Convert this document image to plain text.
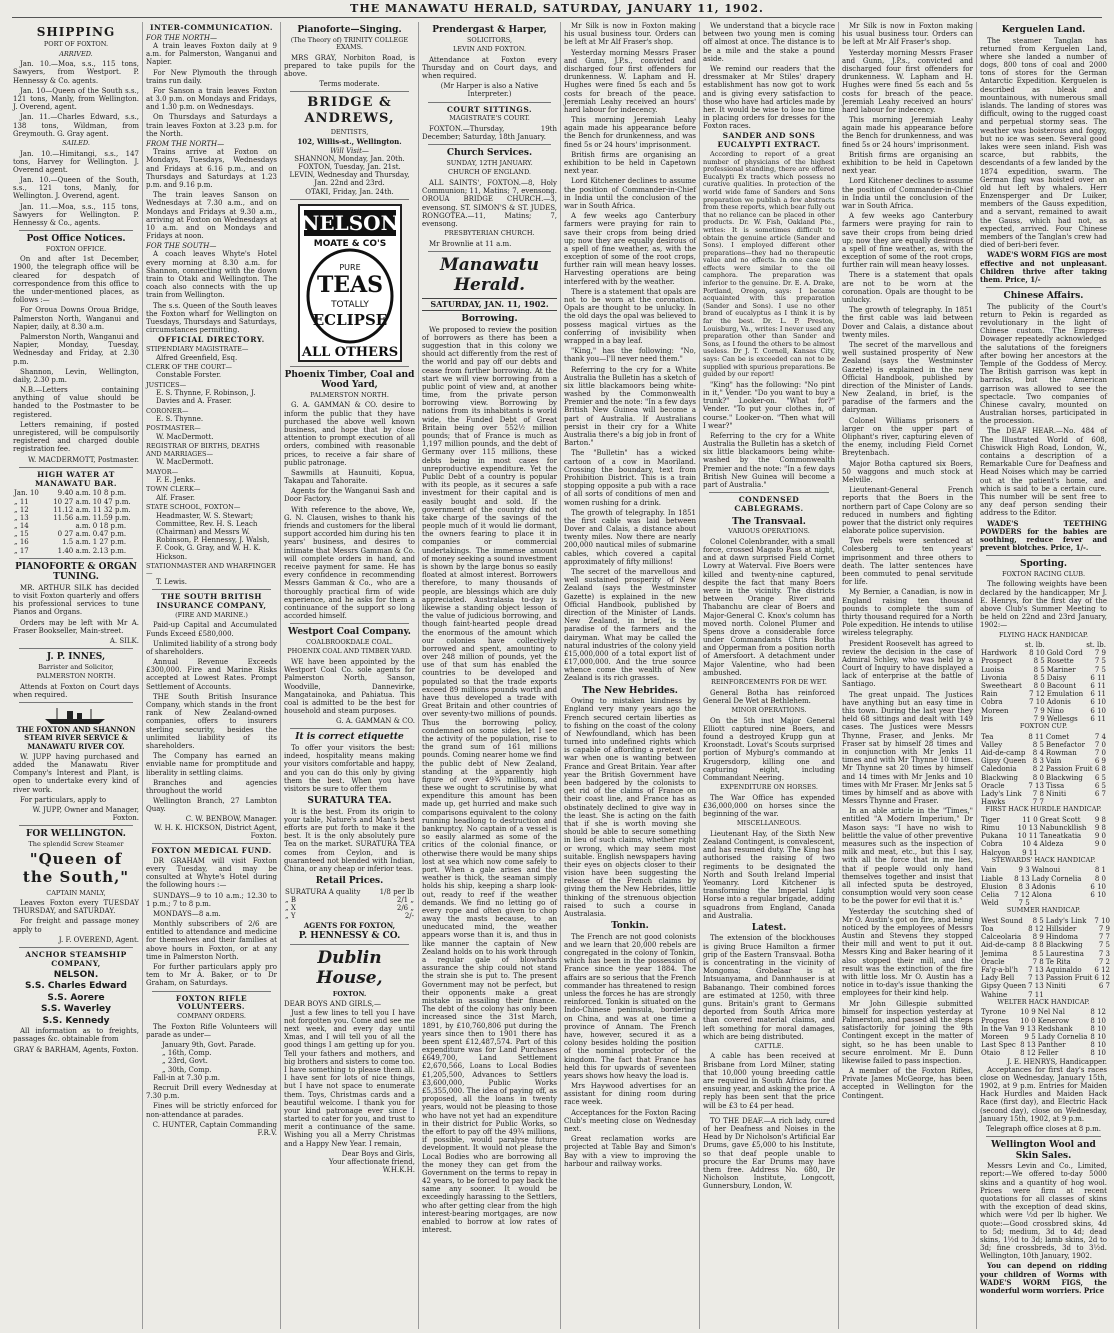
THE MANAWATU HERALD, SATURDAY, JANUARY 11, 1902.
SHIPPING
PORT OF FOXTON.
ARRIVED.

Jan. 10.—Moa, s.s., 115 tons, Sawyers, from Westport. P. Hennessy & Co. agents.

Jan. 10—Queen of the South s.s., 121 tons, Manly, from Wellington. J. Overend, agent.

Jan. 11.—Charles Edward, s.s., 138 tons, Wildman, from Greymouth. G. Gray agent.

SAILED.

Jan. 10.—Himitangi, s.s., 147 tons, Harvey for Wellington. J. Overend agent.

Jan. 10.—Queen of the South, s.s., 121 tons, Manly, for Wellington. J. Overend, agent.

Jan. 11.—Moa, s.s., 115 tons, Sawyers for Wellington. P. Hennessy & Co., agents.

Post Office Notices.
FOXTON OFFICE.

On and after 1st December, 1900, the telegraph office will be cleared for despatch of correspondence from this office to the under-mentioned places, as follows :—

For Oroua Downs Oroua Bridge, Palmerston North, Wanganui and Napier, daily, at 8.30 a.m.

Palmerston North, Wanganui and Napier, Monday, Tuesday, Wednesday and Friday, at 2.30 p.m.

Shannon, Levin, Wellington, daily, 2.30 p.m.

N.B.—Letters containing anything of value should be handed to the Postmaster to be registered.

Letters remaining, if posted unregistered, will be compulsorily registered and charged double registration fee.

W. MACDERMOTT, Postmaster.
HIGH WATER AT MANAWATU BAR.
Jan. 10	9.40 a.m.	10 8 p.m.
„ 11	10 27 a.m.	10 47 p.m.
„ 12	11.12 a.m.	11 32 p.m.
„ 13	11.56 a.m.	11.59 p.m.
„ 14	a.m.	0 18 p.m.
„ 15	0 27 a.m.	0.47 p.m.
„ 16	1.5 a.m.	1 27 p.m.
„ 17	1.40 a.m.	2.13 p.m.
PIANOFORTE & ORGAN TUNING.

MR. ARTHUR SILK has decided to visit Foxton quarterly and offers his professional services to tune Pianos and Organs.

Orders may be left with Mr A. Fraser Bookseller, Main-street.

A. SILK.
J. P. INNES,
Barrister and Solicitor,
PALMERSTON NORTH.

Attends at Foxton on Court days when required.

THE FOXTON AND SHANNON STEAM RIVER SERVICE & MANAWATU RIVER COY.

W. JUPP having purchased and added the Manawatu River Company's Interest and Plant, is open to undertake every kind of river work.

For particulars, apply to

W. JUPP, Owner and Manager, Foxton.
FOR WELLINGTON.
The splendid Screw Steamer
"Queen of the South,"
CAPTAIN MANLY,

Leaves Foxton every TUESDAY THURSDAY, and SATURDAY.

For freight and passage money apply to

J. F. OVEREND, Agent.
ANCHOR STEAMSHIP COMPANY,
NELSON.
S.S. Charles Edward
S.S. Aorere
S.S. Waverley
S.S. Kennedy

All information as to freights, passages &c. obtainable from

GRAY & BARHAM, Agents, Foxton.
INTER-COMMUNICATION.
FOR THE NORTH—

A train leaves Foxton daily at 9 a.m. for Palmerston, Wanganui and Napier.

For New Plymouth the through trains run daily.

For Sanson a train leaves Foxton at 3.0 p.m. on Mondays and Fridays, and 1.30 p.m. on Wednesdays.

On Thursdays and Saturdays a train leaves Foxton at 3.23 p.m. for the North.

FROM THE NORTH—

Trains arrive at Foxton on Mondays, Tuesdays, Wednesdays and Fridays at 6.16 p.m., and on Thursdays and Saturdays at 1.23 p.m. and 9.16 p.m.

The train leaves Sanson on Wednesdays at 7.30 a.m., and on Mondays and Fridays at 9.30 a.m., arriving at Foxton on Wednesdays at 10 a.m. and on Mondays and Fridays at noon.

FOR THE SOUTH—

A coach leaves Whyte's Hotel every morning at 8.30 a.m. for Shannon, connecting with the down train to Otaki and Wellington. The coach also connects with the up train from Wellington.

The s.s. Queen of the South leaves the Foxton wharf for Wellington on Tuesdays, Thursdays and Saturdays, circumstances permitting.

OFFICIAL DIRECTORY.
STIPENDIARY MAGISTRATE—
Alfred Greenfield, Esq.
CLERK OF THE COURT—
Constable Forster.
JUSTICES—
E. S. Thynne, F. Robinson, J. Davies and A. Fraser.
CORONER—
E. S. Thynne.
POSTMASTER—
W. MacDermott.
REGISTRAR OF BIRTHS, DEATHS AND MARRIAGES—
W. MacDermott.
MAYOR—
F. E. Jenks.
TOWN CLERK—
Alf. Fraser.
STATE SCHOOL, FOXTON—
Headmaster, W. S. Stewart; Committee, Rev. H. S. Leach (Chairman) and Messrs W. Robinson, P. Hennessy, J. Walsh, F. Cook, G. Gray, and W. H. K. Hickson.
STATIONMASTER AND WHARFINGER—
T. Lewis.
THE SOUTH BRITISH INSURANCE COMPANY,
(FIRE AND MARINE.)

Paid-up Capital and Accumulated Funds Exceed £580,000.

Unlimited liability of a strong body of shareholders.

Annual Revenue Exceeds £300,000. Fire and Marine Risks accepted at Lowest Rates. Prompt Settlement of Accounts.

THE South British Insurance Company, which stands in the front rank of New Zealand-owned companies, offers to insurers sterling security, besides the unlimited liability of its shareholders.

The Company has earned an enviable name for promptitude and liberality in settling claims.

Branches and agencies throughout the world

Wellington Branch, 27 Lambton Quay.

C. W. BENBOW, Manager.
W. H. K. HICKSON, District Agent, Foxton.
FOXTON MEDICAL FUND.

DR GRAHAM will visit Foxton every Tuesday, and may be consulted at Whyte's Hotel during the following hours :—

SUNDAYS—9 to 10 a.m.; 12.30 to 1 p.m.; 7 to 8 p.m.

MONDAYS—8 a.m.

Monthly subscribers of 2/6 are entitled to attendance and medicine for themselves and their families at above hours in Foxton, or at any time in Palmerston North.

For further particulars apply pro tem to Mr A. Baker, or to Dr Graham, on Saturdays.

FOXTON RIFLE VOLUNTEERS.
COMPANY ORDERS.

The Foxton Rifle Volunteers will parade as under—

January 9th, Govt. Parade.
„ 16th, Comp.
„ 23rd, Govt.
„ 30th, Comp.

Fall-in at 7.30 p.m.

Recruit Drill every Wednesday at 7.30 p.m.

Fines will be strictly enforced for non-attendance at parades.

C. HUNTER, Captain Commanding F.R.V.
Pianoforte—Singing.
(The Theory of) TRINITY COLLEGE EXAMS.

MRS GRAY, Norbiton Road, is prepared to take pupils for the above.

Terms moderate.
BRIDGE & ANDREWS,
DENTISTS,
102, Willis-st., Wellington.
Will Visit—
SHANNON, Monday, Jan. 20th.
FOXTON, Tuesday, Jan. 21st.
LEVIN, Wednesday and Thursday, Jan. 22nd and 23rd.
OTAKI, Friday, Jan. 24th.
NELSON
MOATE & CO'S
PURE
TEAS
TOTALLY
ECLIPSE
ALL OTHERS
Phoenix Timber, Coal and Wood Yard,
PALMERSTON NORTH.

G. A. GAMMAN & CO. desire to inform the public that they have purchased the above well known business, and hope that by close attention to prompt execution of all orders, combined with reasonable prices, to receive a fair share of public patronage.

Sawmills at Haunuiti, Kopua, Takapau and Tahoraite.

Agents for the Wanganui Sash and Door Factory.

With reference to the above, We, G. N. Clausen, wishes to thank his friends and customers for the liberal support accorded him during his ten years' business, and desires to intimate that Messrs Gamman & Co. will complete orders in hand, and receive payment for same. He has every confidence in recommending Messrs Gamman & Co., who are a thoroughly practical firm of wide experience, and he asks for them a continuance of the support so long accorded himself.

Westport Coal Company.
COALBROOKDALE COAL.
PHOENIX COAL AND TIMBER YARD.

WE have been appointed by the Westport Coal Co. sole agents for Palmerston North, Sanson, Woodville, Dannevirke, Mangatainoka, and Pahiatua. This coal is admitted to be the best for household and steam purposes.

G. A. GAMMAN & CO.
It is correct etiquette

To offer your visitors the best: indeed, hospitality means making your visitors comfortable and happy, and you can do this only by giving them the best. When you have visitors be sure to offer them

SURATURA TEA.

It is the best. From its origin to your table, Nature's and Man's best efforts are put forth to make it the best. It is the only absolutely pure Tea on the market. SURATURA TEA comes from Ceylon, and is guaranteed not blended with Indian, China, or any cheap or inferior teas.

Retail Prices.
SURATURA A quality	1/8 per lb
„ B	2/1 „
„ X	2/6 „
„ Y	2/-
AGENTS FOR FOXTON,
P. HENNESSY & CO.
Dublin House,
FOXTON.
DEAR BOYS AND GIRLS,—

Just a few lines to tell you I have not forgotten you. Come and see me next week, and every day until Xmas, and I will tell you of all the good things I am getting up for you. Tell your fathers and mothers, and big brothers and sisters to come too. I have something to please them all. I have sent for lots of nice things, but I have not space to enumerate them. Toys, Christmas cards and a beautiful welcome. I thank you for your kind patronage ever since I started to cater for you, and trust to merit a continuance of the same. Wishing you all a Merry Christmas and a Happy New Year. I remain,

Dear Boys and Girls,
Your affectionate friend,
W.H.K.H.
Prendergast & Harper,
SOLICITORS,
LEVIN AND FOXTON.

Attendance at Foxton every Thursday and on Court days, and when required.

(Mr Harper is also a Native Interpreter.)

COURT SITTINGS.
MAGISTRATE'S COURT.

FOXTON.—Thursday, 19th December; Saturday, 18th January.

Church Services.
SUNDAY, 12TH JANUARY.
CHURCH OF ENGLAND.

ALL SAINTS', FOXTON.—8, Holy Communion; 11, Matins; 7, evensong. OROUA BRIDGE CHURCH.—3, evensong. ST. SIMON'S & ST. JUDES, RONGOTEA.—11, Matins; 7, evensong.

PRESBYTERIAN CHURCH.

Mr Brownlie at 11 a.m.

Manawatu Herald.
SATURDAY, JAN. 11, 1902.
Borrowing.

We proposed to review the position of borrowers as there has been a suggestion that in this colony we should act differently from the rest of the world and pay off our debts and cease from further borrowing. At the start we will view borrowing from a public point of view and, at another time, from the private person borrowing view. Borrowing by nations from its inhabitants is world wide, the Funded Debt of Great Britain being over 552½ million pounds; that of France is much as 1,197 million pounds, and the debt of Germany over 115 millions, these debts being in most cases for unreproductive expenditure. Yet the Public Debt of a country is popular with its people, as it secures a safe investment for their capital and is easily bought and sold. If the government of the country did not take charge of the savings of the people much of it would lie dormant, the owners fearing to place it in companies or commercial undertakings. The immense amount of money seeking a sound investment is shown by the large bonus so easily floated at almost interest. Borrowers therefore, to many thousands of people, are blessings which are duly appreciated. Australasia to-day is likewise a standing object lesson of the value of judicious borrowing, and though faint-hearted people dread the enormous of the amount which our colonies have collectively borrowed and spent, amounting to over 248 million of pounds, yet the use of that sum has enabled the countries to be developed and populated so that the trade exports exceed 89 millions pounds worth and have thus developed a trade with Great Britain and other countries of over seventy-two millions of pounds. Thus the borrowing policy, condemned on some sides, let I see the activity of the population, rise to the grand sum of 161 millions pounds. Coming nearer home we find the public debt of New Zealand, standing at the apparently high figure of over 49¾ millions, and these we ought to scrutinise by what expenditure this amount has been made up, get hurried and make such comparisons equivalent to the colony running headlong to destruction and bankruptcy. No captain of a vessel is so easily alarmed as some of the critics of the colonial finance, or otherwise there would be many ships lost at sea which now come safely to port. When a gale arises and the weather is thick, the seaman simply holds his ship, keeping a sharp look-out, ready to reef if the weather demands. We find no letting go of every rope and often given to chop away the masts because, to an uneducated mind, the weather appears worse than it is, and thus in like manner the captain of New Zealand holds on to his work through a regular gale of blowhards assurance the ship could not stand the strain she is put to. The present Government may not be perfect, but their opponents make a great mistake in assailing their finance. The debt of the colony has only been increased since the 31st March, 1891, by £10,760,806 put during the years since then to 1901 there has been spent £12,487,574. Part of this expenditure was for Land Purchases £649,700, Land Settlement £2,670,566, Loans to Local Bodies £1,205,500, Advances to Settlers £3,600,000, Public Works £5,355,000. The idea of paying off, as proposed, all the loans in twenty years, would not be pleasing to those who have not yet had an expenditure in their district for Public Works, so the effort to pay off the 49¾ millions, if possible, would paralyse future development. It would not please the Local Bodies who are borrowing all the money they can get from the Government on the terms to repay in 42 years, to be forced to pay back the same any sooner. It would be exceedingly harassing to the Settlers, who after getting clear from the high interest-bearing mortgages, are now enabled to borrow at low rates of interest.

Mr Silk is now in Foxton making his usual business tour. Orders can be left at Mr Alf Fraser's shop.

Yesterday morning Messrs Fraser and Gunn, J.P.s., convicted and discharged four first offenders for drunkenness. W. Lapham and H. Hughes were fined 5s each and 5s costs for breach of the peace. Jeremiah Leahy received an hours' hard labour for indecency.

This morning Jeremiah Leahy again made his appearance before the Bench for drunkenness, and was fined 5s or 24 hours' imprisonment.

British firms are organising an exhibition to be held in Capetown next year.

Lord Kitchener declines to assume the position of Commander-in-Chief in India until the conclusion of the war in South Africa.

A few weeks ago Canterbury farmers were praying for rain to save their crops from being dried up; now they are equally desirous of a spell of fine weather, as, with the exception of some of the root crops, further rain will mean heavy losses. Harvesting operations are being interfered with by the weather.

There is a statement that opals are not to be worn at the coronation. Opals are thought to be unlucky. In the old days the opal was believed to possess magical virtues as the conferring of invisibility when wrapped in a bay leaf.

"King," has the following: "No, thank you—I'll never need them."

Referring to the cry for a White Australia the Bulletin has a sketch of six little blackamoors being white-washed by the Commonwealth Premier and the note: "In a few days British New Guinea will become a part of Australia. If Australians persist in their cry for a White Australia there's a big job in front of Barton."

The "Bulletin" has a wicked cartoon of a cow in Maoriland. Crossing the boundary, text from Prohibition District. This is a train stopping opposite a pub with a race of all sorts of conditions of men and women rushing for a drink.

The growth of telegraphy. In 1851 the first cable was laid between Dover and Calais, a distance about twenty miles. Now there are nearly 200,000 nautical miles of submarine cables, which covered a capital approximately of fifty millions!

The secret of the marvellous and well sustained prosperity of New Zealand (says the Westminster Gazette) is explained in the new Official Handbook, published by direction of the Minister of Lands. New Zealand, in brief, is the paradise of the farmers and the dairyman. What may be called the natural industries of the colony yield £15,000,000 of a total export list of £17,000,000. And the true source whence come the wealth of New Zealand is its rich grasses.

The New Hebrides.

Owing to mistaken kindness by England very many years ago the French secured certain liberties as to fishing on the coast of the colony of Newfoundland, which has been turned into undefined rights which is capable of affording a pretext for war when one is wanting between France and Great Britain. Year after year the British Government have been badgered by the colonists to get rid of the claims of France on their coast line, and France has as obstinately declined to give way in the least. She is acting on the faith that if she is worth moving she should be able to secure something in lieu of such claims, whether right or wrong, which may seem most suitable. English newspapers having their eyes on objects closer to their vision have been suggesting the release of the French claims by giving them the New Hebrides, little thinking of the strenuous objection raised to such a course in Australasia.

Tonkin.

The French are not good colonists and we learn that 20,000 rebels are congregated in the colony of Tonkin, which has been in the possession of France since the year 1884. The affairs are so serious that the French commander has threatened to resign unless the forces he has are strongly reinforced. Tonkin is situated on the Indo-Chinese peninsula, bordering on China, and was at one time a province of Annam. The French have, however, secured it as a colony besides holding the position of the nominal protector of the kingdom. The fact that France has held this for upwards of seventeen years shows how heavy the load is.

Mrs Haywood advertises for an assistant for dining room during race week.

Acceptances for the Foxton Racing Club's meeting close on Wednesday next.

Great reclamation works are projected at Table Bay and Simon's Bay with a view to improving the harbour and railway works.

We understand that a bicycle race between two young men is coming off almost at once. The distance is to be a mile and the stake a pound aside.

We remind our readers that the dressmaker at Mr Stiles' drapery establishment has now got to work and is giving every satisfaction to those who have had articles made by her. It would be wise to lose no time in placing orders for dresses for the Foxton races.

SANDER AND SONS EUCALYPTI EXTRACT.

According to report of a great number of physicians of the highest professional standing, there are offered Eucalypti Ex tracts which possess no curative qualities. In protection of the world wide fame of Sanders and Sons preparation we publish a few abstracts from these reports, which bear fully out that no reliance can be placed in other products. Dr. W. Fish, Oakland Pte., writes: It is sometimes difficult to obtain the genuine article (Sander and Sons). I employed different other preparations—they had no therapeutic value and no effects. In one case the effects were similar to the oil camphora. The preparation was inferior to the genuine. Dr. E. A. Drake, Portland, Oregon, says: I became acquainted with this preparation (Sander and Sons). I use no other brand of eucalyptus as I think it is by far the best. Dr. L. P. Preston, Louisburg, Va., writes: I never used any preparation other than Sander and Sons, as I found the others to be almost useless. Dr J. T. Cornell, Kansas City, says: Can be is exceeded can not to be supplied with spurious preparations. Be guided by our report!

"King" has the following: "No pint in it," Vender. "Do you want to buy a trunk?" Looker-on. "What for?" Vender. "To put your clothes in, of course." Looker-on. "Then what will I wear?"

Referring to the cry for a White Australia the Bulletin has a sketch of six little blackamoors being white-washed by the Commonwealth Premier and the note: "In a few days British New Guinea will become a part of Australia."

CONDENSED CABLEGRAMS.
The Transvaal.
VARIOUS OPERATIONS.

Colonel Colenbrander, with a small force, crossed Magato Pass at night, and at dawn surprised Field Cornet Lowry at Waterval. Five Boers were killed and twenty-nine captured, despite the fact that many Boers were in the vicinity. The districts between Orange River and Thabanchu are clear of Boers and Major-General C. Knox's column has moved north. Colonel Plumer and Spens drove a considerable force under Commandants Chris Botha and Opperman from a position north of Amersfoort. A detachment under Major Valentine, who had been ambushed.

REINFORCEMENTS FOR DE WET.

General Botha has reinforced General De Wet at Bethlehem.

MINOR OPERATIONS.

On the 5th inst Major General Elliott captured nine Boers, and found a destroyed Krupp gun at Kroonstadt. Lovat's Scouts surprised portion of Myburg's commando at Krugersdorp, killing one and capturing eight, including Commandant Neering.

EXPENDITURE ON HORSES.

The War Office has expended £36,000,000 on horses since the beginning of the war.

MISCELLANEOUS.

Lieutenant Hay, of the Sixth New Zealand Contingent, is convalescent, and has resumed duty. The King has authorised the raising of two regiments to be designated the North and South Ireland Imperial Yeomanry. Lord Kitchener is transforming the Imperial Light Horse into a regular brigade, adding squadrons from England, Canada and Australia.

Latest.

The extension of the blockhouses is giving Bruce Hamilton a firmer grip of the Eastern Transvaal. Botha is concentrating in the vicinity of Mongoma; Grobelaar is at Intsuanyama, and Dannhauser is at Babanango. Their combined forces are estimated at 1250, with three guns. Britain's grant to Germans deported from South Africa more than covered material claims, and left something for moral damages, which are being distributed.

CATTLE.

A cable has been received at Brisbane from Lord Milner, stating that 10,000 young breeding cattle are required in South Africa for the ensuing year, and asking the price. A reply has been sent that the price will be £3 to £4 per head.

TO THE DEAF.—A rich lady, cured of her Deafness and Noises in the Head by Dr Nicholson's Artificial Ear Drums, gave £5,000 to his Institute, so that deaf people unable to procure the Ear Drums may have them free. Address No. 680, Dr Nicholson Institute, Longcott, Gunnersbury, London, W.

Mr Silk is now in Foxton making his usual business tour. Orders can be left at Mr Alf Fraser's shop.

Yesterday morning Messrs Fraser and Gunn, J.P.s., convicted and discharged four first offenders for drunkenness. W. Lapham and H. Hughes were fined 5s each and 5s costs for breach of the peace. Jeremiah Leahy received an hours' hard labour for indecency.

This morning Jeremiah Leahy again made his appearance before the Bench for drunkenness, and was fined 5s or 24 hours' imprisonment.

British firms are organising an exhibition to be held in Capetown next year.

Lord Kitchener declines to assume the position of Commander-in-Chief in India until the conclusion of the war in South Africa.

A few weeks ago Canterbury farmers were praying for rain to save their crops from being dried up; now they are equally desirous of a spell of fine weather, as, with the exception of some of the root crops, further rain will mean heavy losses.

There is a statement that opals are not to be worn at the coronation. Opals are thought to be unlucky.

The growth of telegraphy. In 1851 the first cable was laid between Dover and Calais, a distance about twenty miles.

The secret of the marvellous and well sustained prosperity of New Zealand (says the Westminster Gazette) is explained in the new Official Handbook, published by direction of the Minister of Lands. New Zealand, in brief, is the paradise of the farmers and the dairyman.

Colonel Williams prisoners a larger on the upper part of Oliphant's river, capturing eleven of the enemy, including Field Cornet Breytenbach.

Major Botha captured six Boers, 50 waggons and much stock at Melville.

Lieutenant-General French reports that the Boers in the northern part of Cape Colony are so reduced in numbers and fighting power that the district only requires elaborate police supervision.

Two rebels were sentenced at Colesberg to ten years' imprisonment and three others to death. The latter sentences have been commuted to penal servitude for life.

My Bernier, a Canadian, is now in England raising ten thousand pounds to complete the sum of thirty thousand required for a North Pole expedition. He intends to utilise wireless telegraphy.

President Roosevelt has agreed to review the decision in the case of Admiral Schley, who was held by a Court of Inquiry to have displayed a lack of enterprise at the battle of Santiago.

The great unpaid. The Justices have anything but an easy time in this town. During the last year they held 68 sittings and dealt with 149 cases. The Justices were Messrs Thynne, Fraser, and Jenks. Mr Fraser sat by himself 28 times and in conjunction with Mr Jenks 11 times and with Mr Thynne 10 times. Mr Thynne sat 20 times by himself and 14 times with Mr Jenks and 10 times with Mr Fraser. Mr Jenks sat 5 times by himself and as above with Messrs Thynne and Fraser.

In an able article in the "Times," entitled "A Modern Imperium," Dr Mason says: "I have no wish to belittle the value of other preventive measures such as the inspection of milk and meat, etc., but this I say, with all the force that in me lies, that if people would only hand themselves together and insist that all infected sputa be destroyed, consumption would very soon cease to be the power for evil that it is."

Yesterday the scutching shed of Mr O. Austin's got on fire, and being noticed by the employees of Messrs Austin and Stevens they stopped their mill and went to put it out. Messrs King and Baker hearing of it also stopped their mill, and the result was the extinction of the fire with little loss. Mr O. Austin has a notice in to-day's issue thanking the employees for their kind help.

Mr John Gillespie submitted himself for inspection yesterday at Palmerston, and passed all the steps satisfactorily for joining the 9th Contingent except in the matter of sight, so he has been unable to secure enrolment. Mr E. Dunn likewise failed to pass inspection.

A member of the Foxton Rifles, Private James McGeorge, has been accepted in Wellington for the Contingent.

Kerguelen Land.

The steamer Tanglan has returned from Kerguelen Land, where she landed a number of dogs, 800 tons of coal and 2000 tons of stores for the German Antarctic Expedition. Kerguelen is described as bleak and mountainous, with numerous small islands. The landing of stores was difficult, owing to the rugged coast and perpetual stormy seas. The weather was boisterous and foggy, but no ice was seen. Several good lakes were seen inland. Fish was scarce, but rabbits, the descendants of a few landed by the 1874 expedition, swarm. The German flag was hoisted over an old hut left by whalers. Herr Enzensperger and Dr Luiker, members of the Gauss expedition, and a servant, remained to await the Gauss, which had not, as expected, arrived. Four Chinese members of the Tanglan's crew had died of beri-beri fever.

WADE'S WORM FIGS are most effective and not unpleasant. Children thrive after taking them. Price, 1/-

Chinese Affairs.

The publicity of the Court's return to Pekin is regarded as revolutionary in the light of Chinese custom. The Empress-Dowager repeatedly acknowledged the salutations of the foreigners after bowing her ancestors at the Temple of the Goddess of Mercy. The British garrison was kept in barracks, but the American garrison was allowed to see the spectacle. Two companies of Chinese cavalry, mounted on Australian horses, participated in the procession.

The DEAF HEAR.—No. 484 of The Illustrated World of 608, Chiswick High Road, London, W., contains a description of a Remarkable Cure for Deafness and Head Noises which may be carried out at the patient's home, and which is said to be a certain cure. This number will be sent free to any deaf person sending their address to the Editor.

WADE'S TEETHING POWDERS for the babies are soothing, reduce fever and prevent blotches. Price, 1/-.

Sporting.
FOXTON RACING CLUB.

The following weights have been declared by the handicapper, Mr J. E. Henrys, for the first day of the above Club's Summer Meeting to be held on 22nd and 23rd January, 1902:—

FLYING HACK HANDICAP.
	st. lb.		st. lb.
Hardwork	8 10	Gold Cord	7 9
Prospect	8 5	Rosette	7 5
Luoisa	8 5	Mariner	7 5
Livonia	8 5	Daisy	6 11
Sweetheart	8 0	Bacount	6 11
Rain	7 12	Emulation	6 11
Cobra	7 10	Adonis	6 10
Moreen	7 9	Nino	6 10
Iris	7 9	Wellesgs	6 11
FOXTON CUP.
Tea	8 11	Comet	7 4
Valley	8 5	Benefactor	7 0
Aid-de-camp	8 4	Rowman	7 0
Gipsy Queen	8 3	Vain	6 9
Caledonia	8 2	Passion Fruit	6 8
Blackwing	8 0	Blackwing	6 5
Oracle	7 13	Tissa	6 5
Lady's Link	7 8	Niniti	6 7
Hawks	7 7		
FIRST HACK HURDLE HANDICAP.
Tiger	11 0	Great Scott	9 8
Rimu	10 13	Nabunckllish	9 8
Pukana	10 11	Taneatkatia	9 0
Cobra	10 4	Aldeza	9 0
Halcyon	9 11		
STEWARDS' HACK HANDICAP.
Vain	9 3	Walnoui	8 1
Liable	8 13	Lady Cornelia	8 0
Elusion	8 3	Adonis	6 10
Celia	7 12	Alona	6 10
Weld	7 5		
SUMMER HANDICAP.
West Sound	8 5	Lady's Link	7 10
Toa	8 12	Hillsider	7 9
Calceolaria	8 9	Hindoma	7 7
Aid-de-camp	8 8	Blackwing	7 5
Jemima	8 5	Laurestina	7 3
Oracle	7 8	Te Rita	7 2
Fa'g-a-bl'h	7 13	Aquinaldo	6 12
Lady Bell	7 13	Passion Fruit	6 12
Gipsy Queen	7 13	Niniti	6 7
Wahine	7 11		
WELTER HACK HANDICAP.
Tyrone	10 9	Nel Nal	8 12
Progres	10 0	Kenerow	8 10
In the Van	9 13	Redshank	8 10
Moreen	9 5	Lady Cornelia	8 10
Last Spec	8 13	Panther	8 10
Otaio	8 12	Feller	8 10
J. E. HENRYS, Handicapper.

Acceptances for first day's races close on Wednesday, January 15th, 1902, at 9 p.m. Entries for Maiden Hack Hurdles and Maiden Hack Race (first day), and Electric Hack (second day), close on Wednesday, January 15th, 1902, at 9 p.m.

Telegraph office closes at 8 p.m.
Wellington Wool and Skin Sales.

Messrs Levin and Co., Limited, report:—We offered to-day 5000 skins and a quantity of hog wool. Prices were firm at recent quotations for all classes of skins with the exception of dead skins, which were ½d per lb higher. We quote:—Good crossbred skins, 4d to 5d; medium, 3d to 4d; dead skins, 1½d to 3d; lamb skins, 2d to 3d; fine crossbreds, 3d to 3½d. Wellington, 10th January, 1902.

You can depend on ridding your children of Worms with WADE'S WORM FIGS, the wonderful worm worriers. Price
